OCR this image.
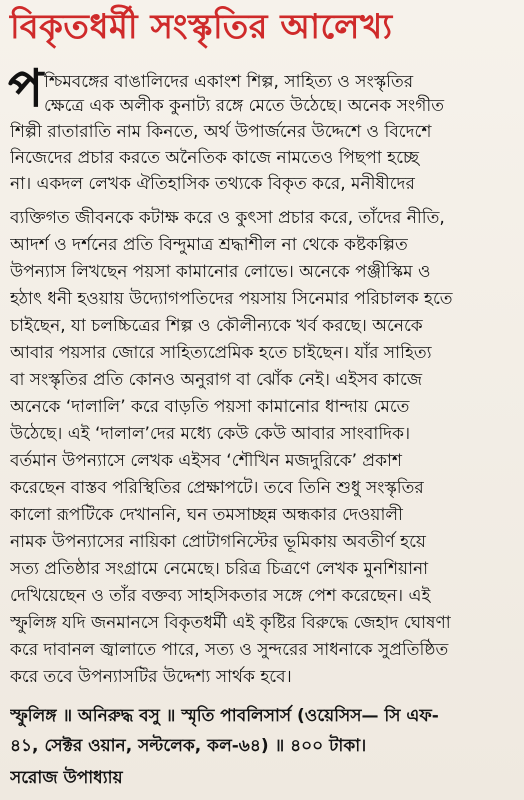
বিকৃতধর্মী সংস্কৃতির আলেখ্য
প শ্চিমবঙ্গের বাঙালিদের একাংশ শিল্প, সাহিত্য ও সংস্কৃতির
ক্ষেত্রে এক অলীক কুনাট্য রঙ্গে মেতে উঠেছে। অনেক সংগীত
শিল্পী রাতারাতি নাম কিনতে, অর্থ উপার্জনের উদ্দেশে ও বিদেশে
নিজেদের প্রচার করতে অনৈতিক কাজে নামতেও পিছপা হচ্ছে
না। একদল লেখক ঐতিহাসিক তথ্যকে বিকৃত করে, মনীষীদের
ব্যক্তিগত জীবনকে কটাক্ষ করে ও কুৎসা প্রচার করে, তাঁদের নীতি,
আদর্শ ও দর্শনের প্রতি বিন্দুমাত্র শ্রদ্ধাশীল না থেকে কষ্টকল্পিত
উপন্যাস লিখছেন পয়সা কামানোর লোভে। অনেকে পঞ্জীস্কিম ও
হঠাৎ ধনী হওয়ায় উদ্যোগপতিদের পয়সায় সিনেমার পরিচালক হতে
চাইছেন, যা চলচ্চিত্রের শিল্প ও কৌলীন্যকে খর্ব করছে। অনেকে
আবার পয়সার জোরে সাহিত্যপ্রেমিক হতে চাইছেন। যাঁর সাহিত্য
বা সংস্কৃতির প্রতি কোনও অনুরাগ বা ঝোঁক নেই। এইসব কাজে
অনেকে ‘দালালি’ করে বাড়তি পয়সা কামানোর ধান্দায় মেতে
উঠেছে। এই ‘দালাল’দের মধ্যে কেউ কেউ আবার সাংবাদিক।
বর্তমান উপন্যাসে লেখক এইসব ‘শৌখিন মজদুরিকে’ প্রকাশ
করেছেন বাস্তব পরিস্থিতির প্রেক্ষাপটে। তবে তিনি শুধু সংস্কৃতির
কালো রূপটিকে দেখাননি, ঘন তমসাচ্ছন্ন অন্ধকার দেওয়ালী
নামক উপন্যাসের নায়িকা প্রোটাগনিস্টের ভূমিকায় অবতীর্ণ হয়ে
সত্য প্রতিষ্ঠার সংগ্রামে নেমেছে। চরিত্র চিত্রণে লেখক মুনশিয়ানা
দেখিয়েছেন ও তাঁর বক্তব্য সাহসিকতার সঙ্গে পেশ করেছেন। এই
স্ফুলিঙ্গ যদি জনমানসে বিকৃতধর্মী এই কৃষ্টির বিরুদ্ধে জেহাদ ঘোষণা
করে দাবানল জ্বালাতে পারে, সত্য ও সুন্দরের সাধনাকে সুপ্রতিষ্ঠিত
করে তবে উপন্যাসটির উদ্দেশ্য সার্থক হবে।
স্ফুলিঙ্গ ॥ অনিরুদ্ধ বসু ॥ স্মৃতি পাবলিসার্স (ওয়েসিস— সি এফ-
৪১, সেক্টর ওয়ান, সল্টলেক, কল-৬৪) ॥ ৪০০ টাকা।
সরোজ উপাধ্যায়
